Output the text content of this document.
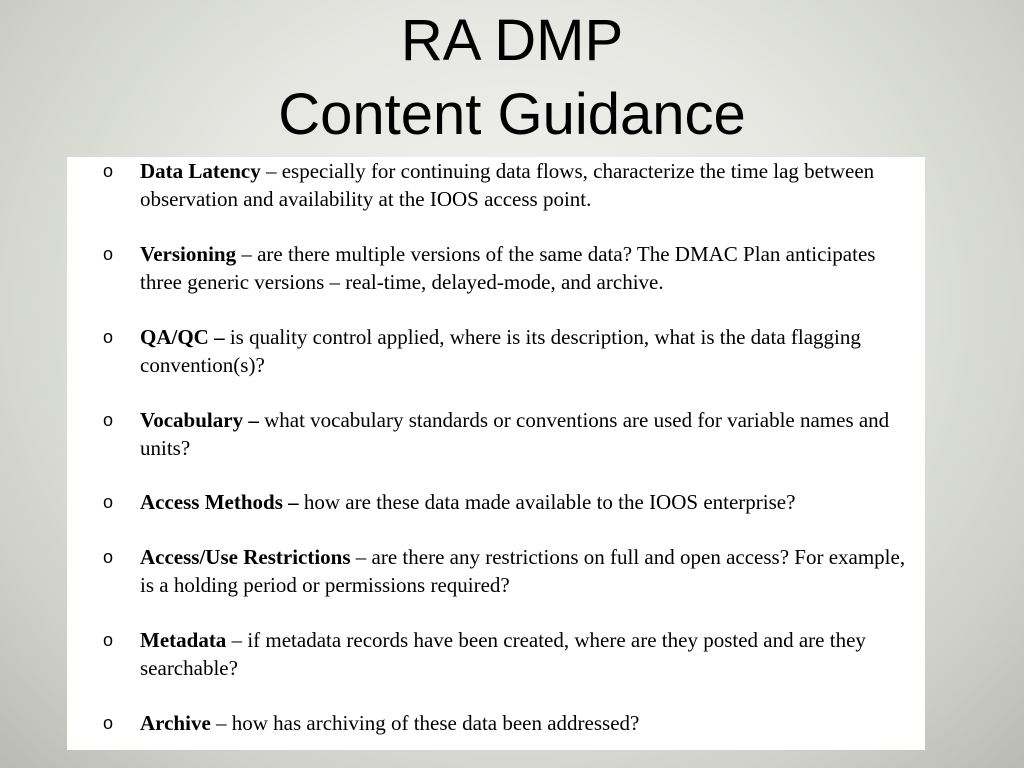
RA DMP
Content Guidance
o	Data Latency – especially for continuing data flows, characterize the time lag between observation and availability at the IOOS access point.
o	Versioning – are there multiple versions of the same data? The DMAC Plan anticipates three generic versions – real-time, delayed-mode, and archive.
o	QA/QC – is quality control applied, where is its description, what is the data flagging convention(s)?
o	Vocabulary – what vocabulary standards or conventions are used for variable names and units?
o	Access Methods – how are these data made available to the IOOS enterprise?
o	Access/Use Restrictions – are there any restrictions on full and open access? For example, is a holding period or permissions required?
o	Metadata – if metadata records have been created, where are they posted and are they searchable?
o	Archive – how has archiving of these data been addressed?
